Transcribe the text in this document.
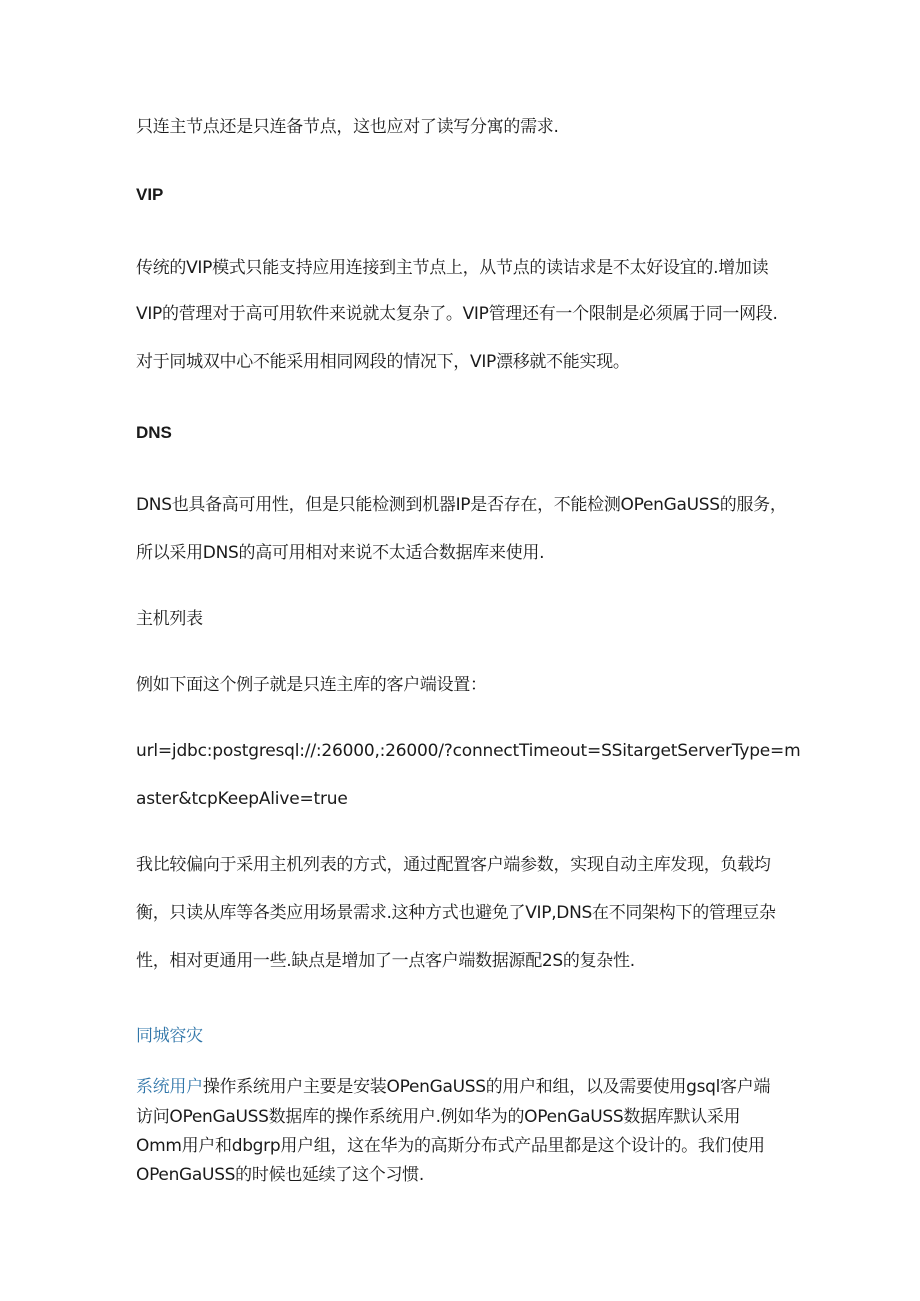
只连主节点还是只连备节点，这也应对了读写分寓的需求.
VIP
传统的VIP模式只能支持应用连接到主节点上，从节点的读诘求是不太好设宜的.增加读
VIP的菅理对于高可用软件来说就太复杂了。VIP管理还有一个限制是必须属于同一网段.
对于同城双中心不能采用相同网段的情况下，VIP漂移就不能实现。
DNS
DNS也具备高可用性，但是只能检测到机器IP是否存在，不能检测OPenGaUSS的服务，
所以采用DNS的高可用相对来说不太适合数据库来使用.
主机列表
例如下面这个例子就是只连主库的客户端设置：
url=jdbc:postgresql://:26000,:26000/?connectTimeout=SSitargetServerType=m
aster&tcpKeepAlive=true
我比较偏向于采用主机列表的方式，通过配置客户端参数，实现自动主库发现，负载均
衡，只读从库等各类应用场景需求.这种方式也避免了VIP,DNS在不同架构下的管理豆杂
性，相对更通用一些.缺点是增加了一点客户端数据源配2S的复杂性.
同城容灾
系统用户操作系统用户主要是安装OPenGaUSS的用户和组，以及需要使用gsql客户端
访问OPenGaUSS数据库的操作系统用户.例如华为的OPenGaUSS数据库默认采用
Omm用户和dbgrp用户组，这在华为的高斯分布式产品里都是这个设计的。我们使用
OPenGaUSS的时候也延续了这个习惯.
